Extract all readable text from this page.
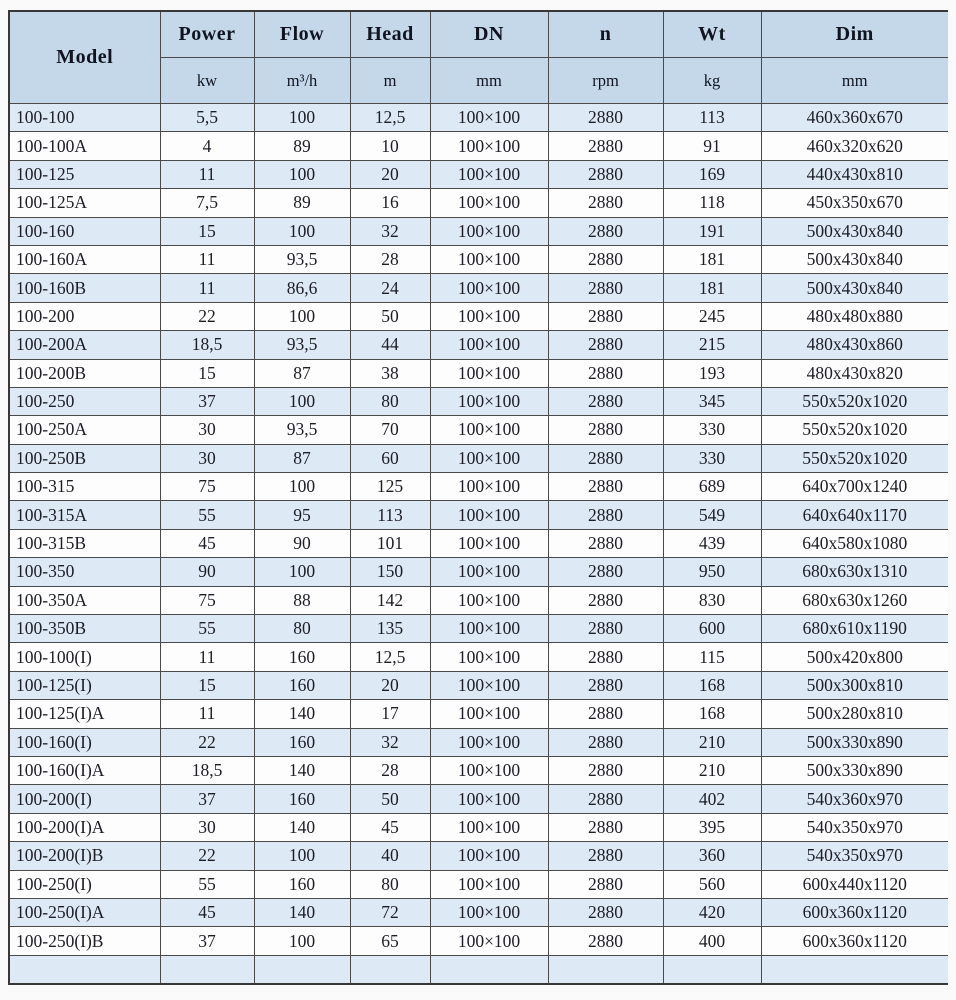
Model	Power	Flow	Head	DN	n	Wt	Dim
	kw	m³/h	m	mm	rpm	kg	mm
100-100	5,5	100	12,5	100×100	2880	113	460x360x670
100-100A	4	89	10	100×100	2880	91	460x320x620
100-125	11	100	20	100×100	2880	169	440x430x810
100-125A	7,5	89	16	100×100	2880	118	450x350x670
100-160	15	100	32	100×100	2880	191	500x430x840
100-160A	11	93,5	28	100×100	2880	181	500x430x840
100-160B	11	86,6	24	100×100	2880	181	500x430x840
100-200	22	100	50	100×100	2880	245	480x480x880
100-200A	18,5	93,5	44	100×100	2880	215	480x430x860
100-200B	15	87	38	100×100	2880	193	480x430x820
100-250	37	100	80	100×100	2880	345	550x520x1020
100-250A	30	93,5	70	100×100	2880	330	550x520x1020
100-250B	30	87	60	100×100	2880	330	550x520x1020
100-315	75	100	125	100×100	2880	689	640x700x1240
100-315A	55	95	113	100×100	2880	549	640x640x1170
100-315B	45	90	101	100×100	2880	439	640x580x1080
100-350	90	100	150	100×100	2880	950	680x630x1310
100-350A	75	88	142	100×100	2880	830	680x630x1260
100-350B	55	80	135	100×100	2880	600	680x610x1190
100-100(I)	11	160	12,5	100×100	2880	115	500x420x800
100-125(I)	15	160	20	100×100	2880	168	500x300x810
100-125(I)A	11	140	17	100×100	2880	168	500x280x810
100-160(I)	22	160	32	100×100	2880	210	500x330x890
100-160(I)A	18,5	140	28	100×100	2880	210	500x330x890
100-200(I)	37	160	50	100×100	2880	402	540x360x970
100-200(I)A	30	140	45	100×100	2880	395	540x350x970
100-200(I)B	22	100	40	100×100	2880	360	540x350x970
100-250(I)	55	160	80	100×100	2880	560	600x440x1120
100-250(I)A	45	140	72	100×100	2880	420	600x360x1120
100-250(I)B	37	100	65	100×100	2880	400	600x360x1120
